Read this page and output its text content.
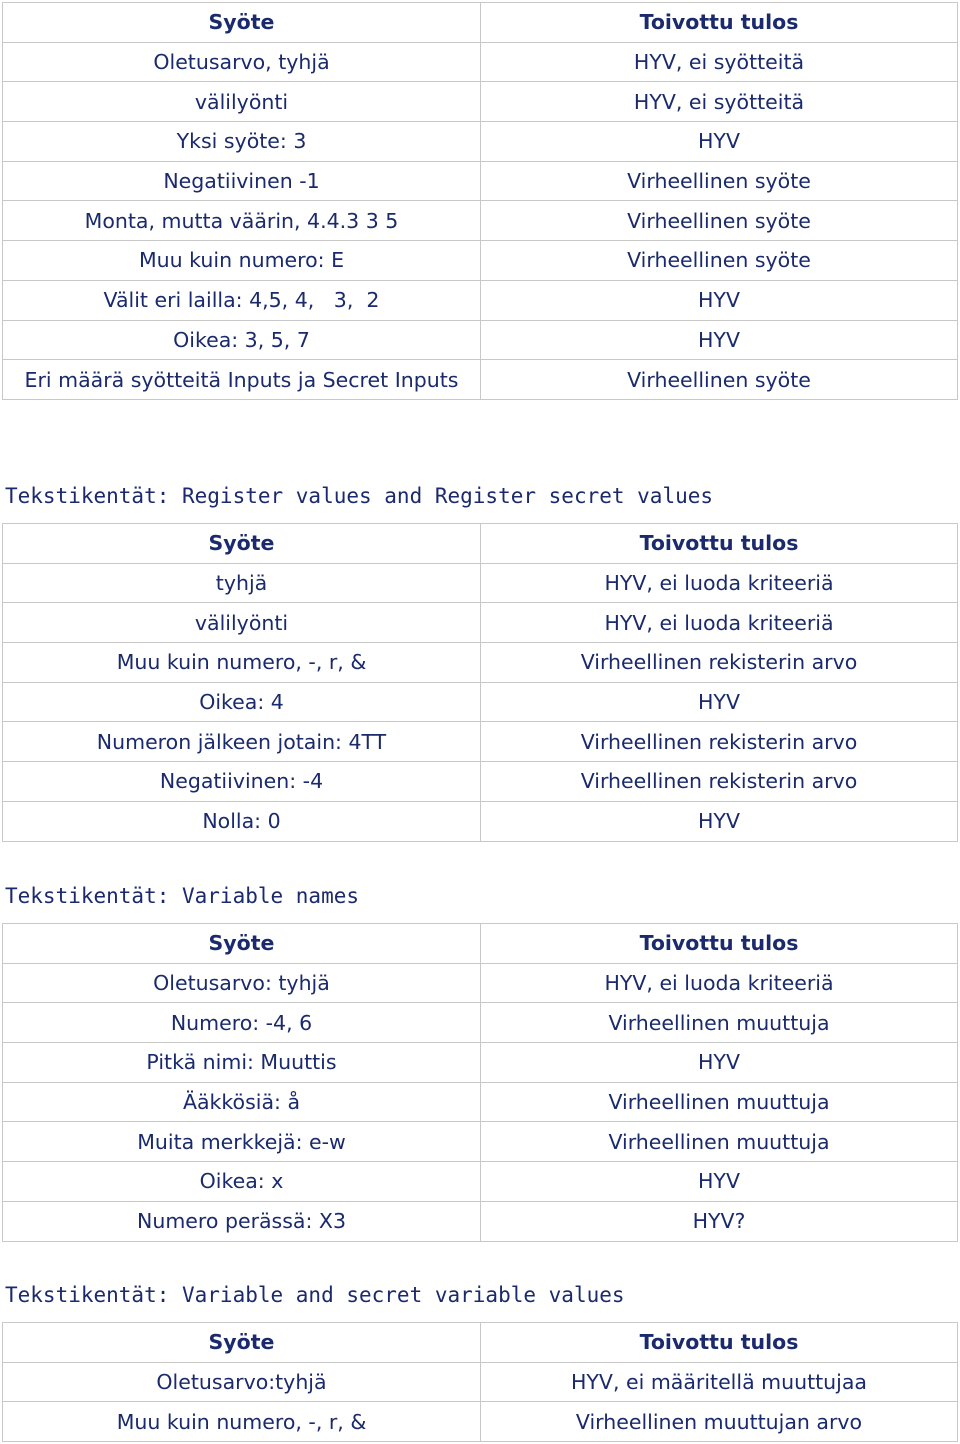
Syöte	Toivottu tulos
Oletusarvo, tyhjä	HYV, ei syötteitä
välilyönti	HYV, ei syötteitä
Yksi syöte: 3	HYV
Negatiivinen -1	Virheellinen syöte
Monta, mutta väärin, 4.4.3 3 5	Virheellinen syöte
Muu kuin numero: E	Virheellinen syöte
Välit eri lailla: 4,5, 4,   3,  2	HYV
Oikea: 3, 5, 7	HYV
Eri määrä syötteitä Inputs ja Secret Inputs	Virheellinen syöte
Tekstikentät: Register values and Register secret values
Syöte	Toivottu tulos
tyhjä	HYV, ei luoda kriteeriä
välilyönti	HYV, ei luoda kriteeriä
Muu kuin numero, -, r, &	Virheellinen rekisterin arvo
Oikea: 4	HYV
Numeron jälkeen jotain: 4TT	Virheellinen rekisterin arvo
Negatiivinen: -4	Virheellinen rekisterin arvo
Nolla: 0	HYV
Tekstikentät: Variable names
Syöte	Toivottu tulos
Oletusarvo: tyhjä	HYV, ei luoda kriteeriä
Numero: -4, 6	Virheellinen muuttuja
Pitkä nimi: Muuttis	HYV
Ääkkösiä: å	Virheellinen muuttuja
Muita merkkejä: e-w	Virheellinen muuttuja
Oikea: x	HYV
Numero perässä: X3	HYV?
Tekstikentät: Variable and secret variable values
Syöte	Toivottu tulos
Oletusarvo:tyhjä	HYV, ei määritellä muuttujaa
Muu kuin numero, -, r, &	Virheellinen muuttujan arvo
